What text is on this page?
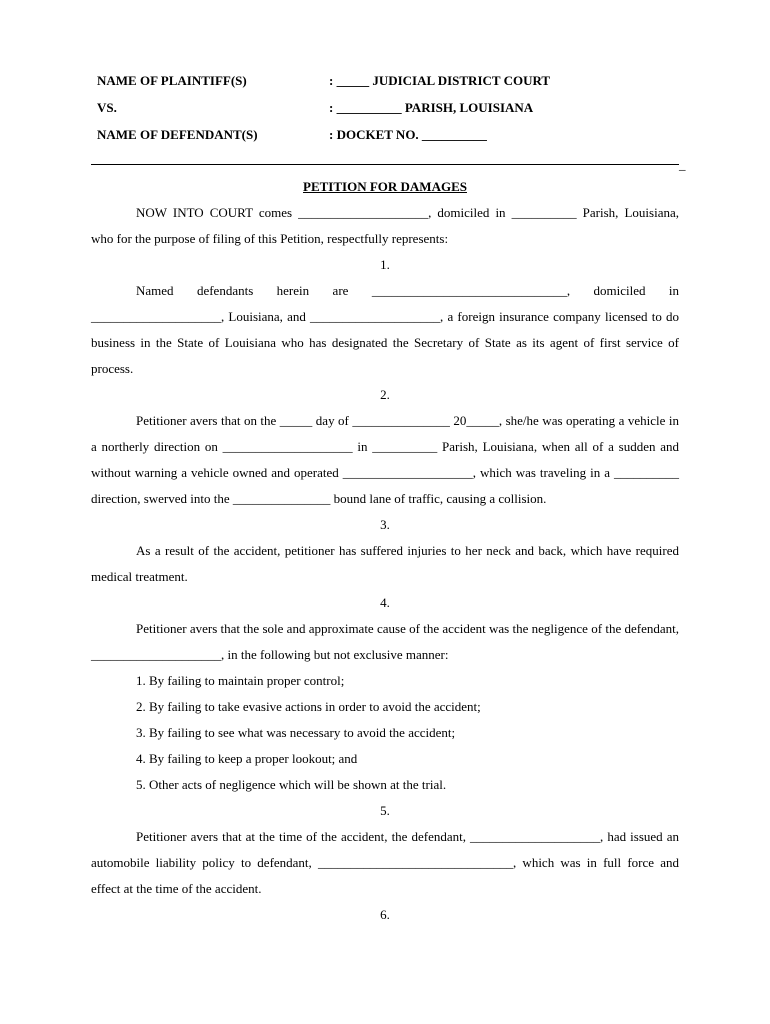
NAME OF PLAINTIFF(S)	: _____ JUDICIAL DISTRICT COURT
VS.	: __________ PARISH, LOUISIANA
NAME OF DEFENDANT(S)	: DOCKET NO. __________
_
PETITION FOR DAMAGES

NOW INTO COURT comes ____________________, domiciled in __________ Parish, Louisiana, who for the purpose of filing of this Petition, respectfully represents:

1.

Named defendants herein are ______________________________, domiciled in ____________________, Louisiana, and ____________________, a foreign insurance company licensed to do business in the State of Louisiana who has designated the Secretary of State as its agent of first service of process.

2.

Petitioner avers that on the _____ day of _______________ 20_____, she/he was operating a vehicle in a northerly direction on ____________________ in __________ Parish, Louisiana, when all of a sudden and without warning a vehicle owned and operated ____________________, which was traveling in a __________ direction, swerved into the _______________ bound lane of traffic, causing a collision.

3.

As a result of the accident, petitioner has suffered injuries to her neck and back, which have required medical treatment.

4.

Petitioner avers that the sole and approximate cause of the accident was the negligence of the defendant, ____________________, in the following but not exclusive manner:

1. By failing to maintain proper control;
2. By failing to take evasive actions in order to avoid the accident;
3. By failing to see what was necessary to avoid the accident;
4. By failing to keep a proper lookout; and
5. Other acts of negligence which will be shown at the trial.
5.

Petitioner avers that at the time of the accident, the defendant, ____________________, had issued an automobile liability policy to defendant, ______________________________, which was in full force and effect at the time of the accident.

6.
